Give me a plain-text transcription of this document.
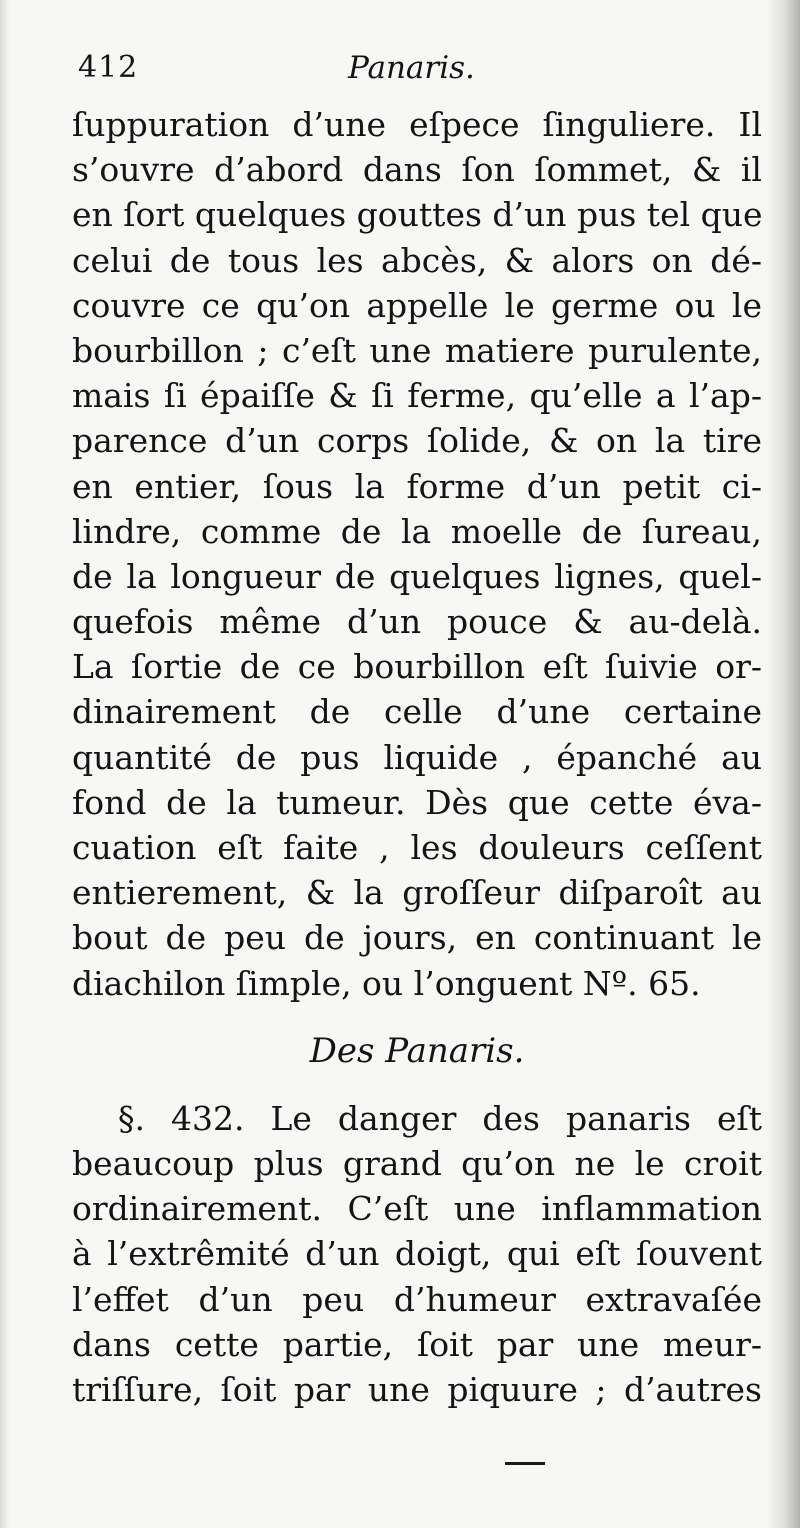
412	Panaris.
ſuppuration d’une eſpece ſinguliere. Il
s’ouvre d’abord dans ſon ſommet, & il
en ſort quelques gouttes d’un pus tel que
celui de tous les abcès, & alors on dé-
couvre ce qu’on appelle le germe ou le
bourbillon ; c’eſt une matiere purulente,
mais ſi épaiſſe & ſi ferme, qu’elle a l’ap-
parence d’un corps ſolide, & on la tire
en entier, ſous la forme d’un petit ci-
lindre, comme de la moelle de ſureau,
de la longueur de quelques lignes, quel-
quefois même d’un pouce & au-delà.
La ſortie de ce bourbillon eſt ſuivie or-
dinairement de celle d’une certaine
quantité de pus liquide , épanché au
fond de la tumeur. Dès que cette éva-
cuation eſt faite , les douleurs ceſſent
entierement, & la groſſeur diſparoît au
bout de peu de jours, en continuant le
diachilon ſimple, ou l’onguent Nº. 65.
Des Panaris.
§. 432. Le danger des panaris eſt
beaucoup plus grand qu’on ne le croit
ordinairement. C’eſt une inflammation
à l’extrêmité d’un doigt, qui eſt ſouvent
l’effet d’un peu d’humeur extravaſée
dans cette partie, ſoit par une meur-
triſſure, ſoit par une piquure ; d’autres
